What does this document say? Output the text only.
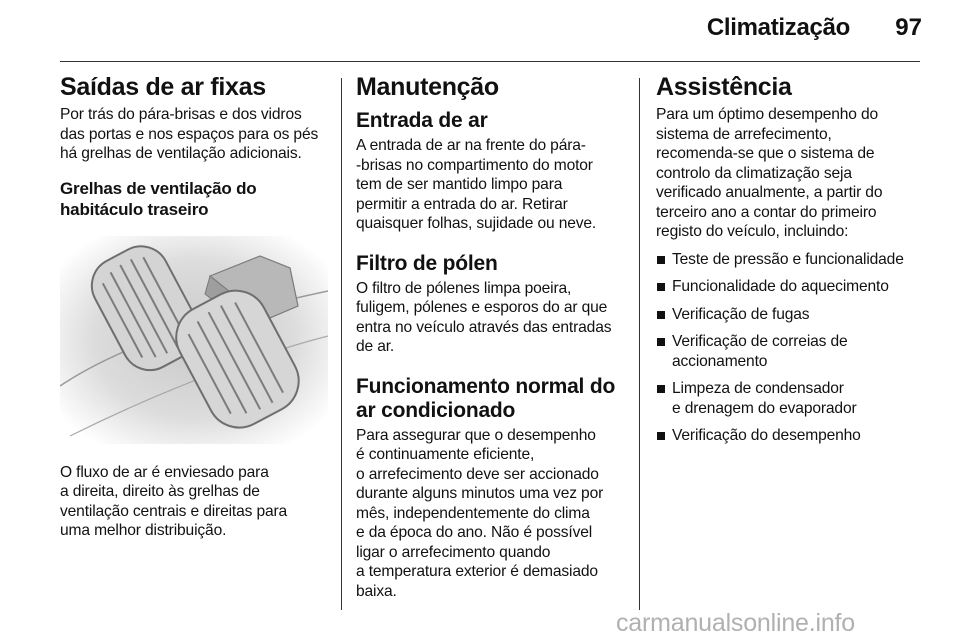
Climatização	97
Saídas de ar fixas

Por trás do pára-brisas e dos vidros

das portas e nos espaços para os pés

há grelhas de ventilação adicionais.

Grelhas de ventilação do
habitáculo traseiro

O fluxo de ar é enviesado para

a direita, direito às grelhas de

ventilação centrais e direitas para

uma melhor distribuição.

Manutenção
Entrada de ar

A entrada de ar na frente do pára-

-brisas no compartimento do motor

tem de ser mantido limpo para

permitir a entrada do ar. Retirar

quaisquer folhas, sujidade ou neve.

Filtro de pólen

O filtro de pólenes limpa poeira,

fuligem, pólenes e esporos do ar que

entra no veículo através das entradas

de ar.

Funcionamento normal do
ar condicionado

Para assegurar que o desempenho

é continuamente eficiente,

o arrefecimento deve ser accionado

durante alguns minutos uma vez por

mês, independentemente do clima

e da época do ano. Não é possível

ligar o arrefecimento quando

a temperatura exterior é demasiado

baixa.

Assistência

Para um óptimo desempenho do

sistema de arrefecimento,

recomenda-se que o sistema de

controlo da climatização seja

verificado anualmente, a partir do

terceiro ano a contar do primeiro

registo do veículo, incluindo:

Teste de pressão e funcionalidade
Funcionalidade do aquecimento
Verificação de fugas
Verificação de correias de
accionamento
Limpeza de condensador
e drenagem do evaporador
Verificação do desempenho
carmanualsonline.info
